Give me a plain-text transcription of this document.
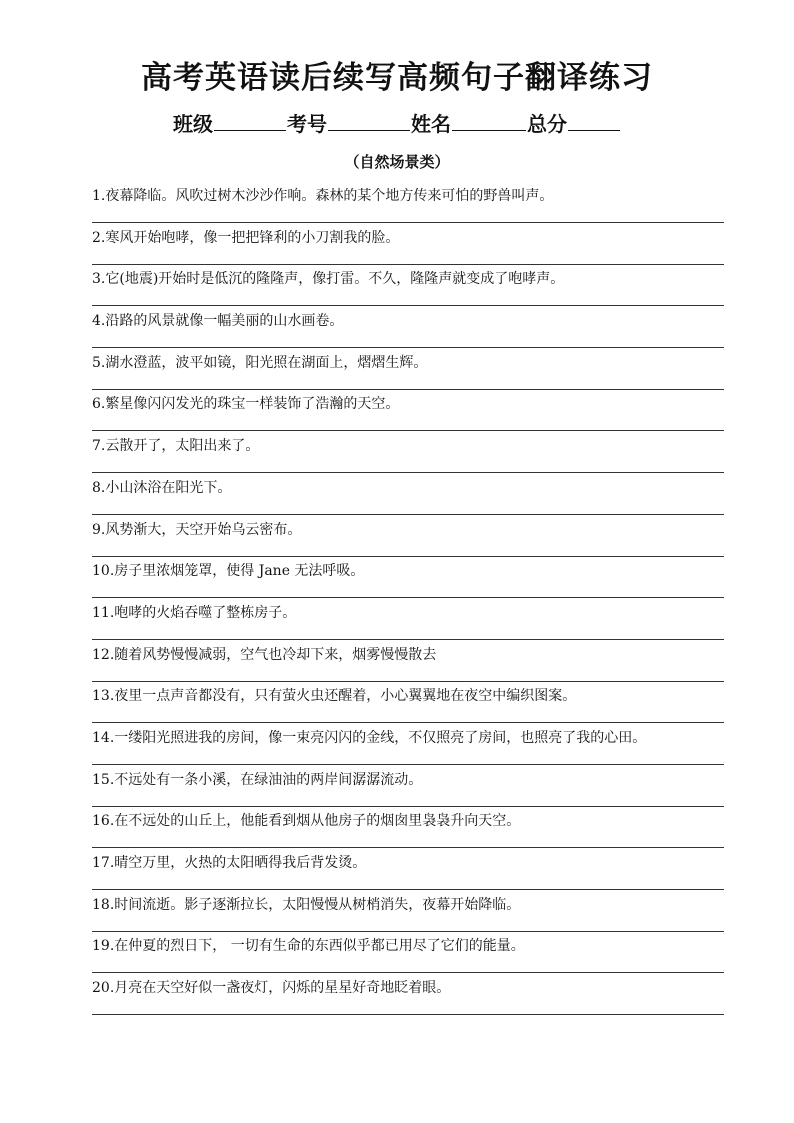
高考英语读后续写高频句子翻译练习
班级	考号	姓名	总分
（自然场景类）
1.夜幕降临。风吹过树木沙沙作响。森林的某个地方传来可怕的野兽叫声。
2.寒风开始咆哮，像一把把锋利的小刀割我的脸。
3.它(地震)开始时是低沉的隆隆声，像打雷。不久，隆隆声就变成了咆哮声。
4.沿路的风景就像一幅美丽的山水画卷。
5.湖水澄蓝，波平如镜，阳光照在湖面上，熠熠生辉。
6.繁星像闪闪发光的珠宝一样装饰了浩瀚的天空。
7.云散开了，太阳出来了。
8.小山沐浴在阳光下。
9.风势渐大，天空开始乌云密布。
10.房子里浓烟笼罩，使得 Jane 无法呼吸。
11.咆哮的火焰吞噬了整栋房子。
12.随着风势慢慢减弱，空气也冷却下来，烟雾慢慢散去
13.夜里一点声音都没有，只有萤火虫还醒着，小心翼翼地在夜空中编织图案。
14.一缕阳光照进我的房间，像一束亮闪闪的金线，不仅照亮了房间，也照亮了我的心田。
15.不远处有一条小溪，在绿油油的两岸间潺潺流动。
16.在不远处的山丘上，他能看到烟从他房子的烟囱里袅袅升向天空。
17.晴空万里，火热的太阳晒得我后背发烫。
18.时间流逝。影子逐渐拉长，太阳慢慢从树梢消失，夜幕开始降临。
19.在仲夏的烈日下， 一切有生命的东西似乎都已用尽了它们的能量。
20.月亮在天空好似一盏夜灯，闪烁的星星好奇地眨着眼。
